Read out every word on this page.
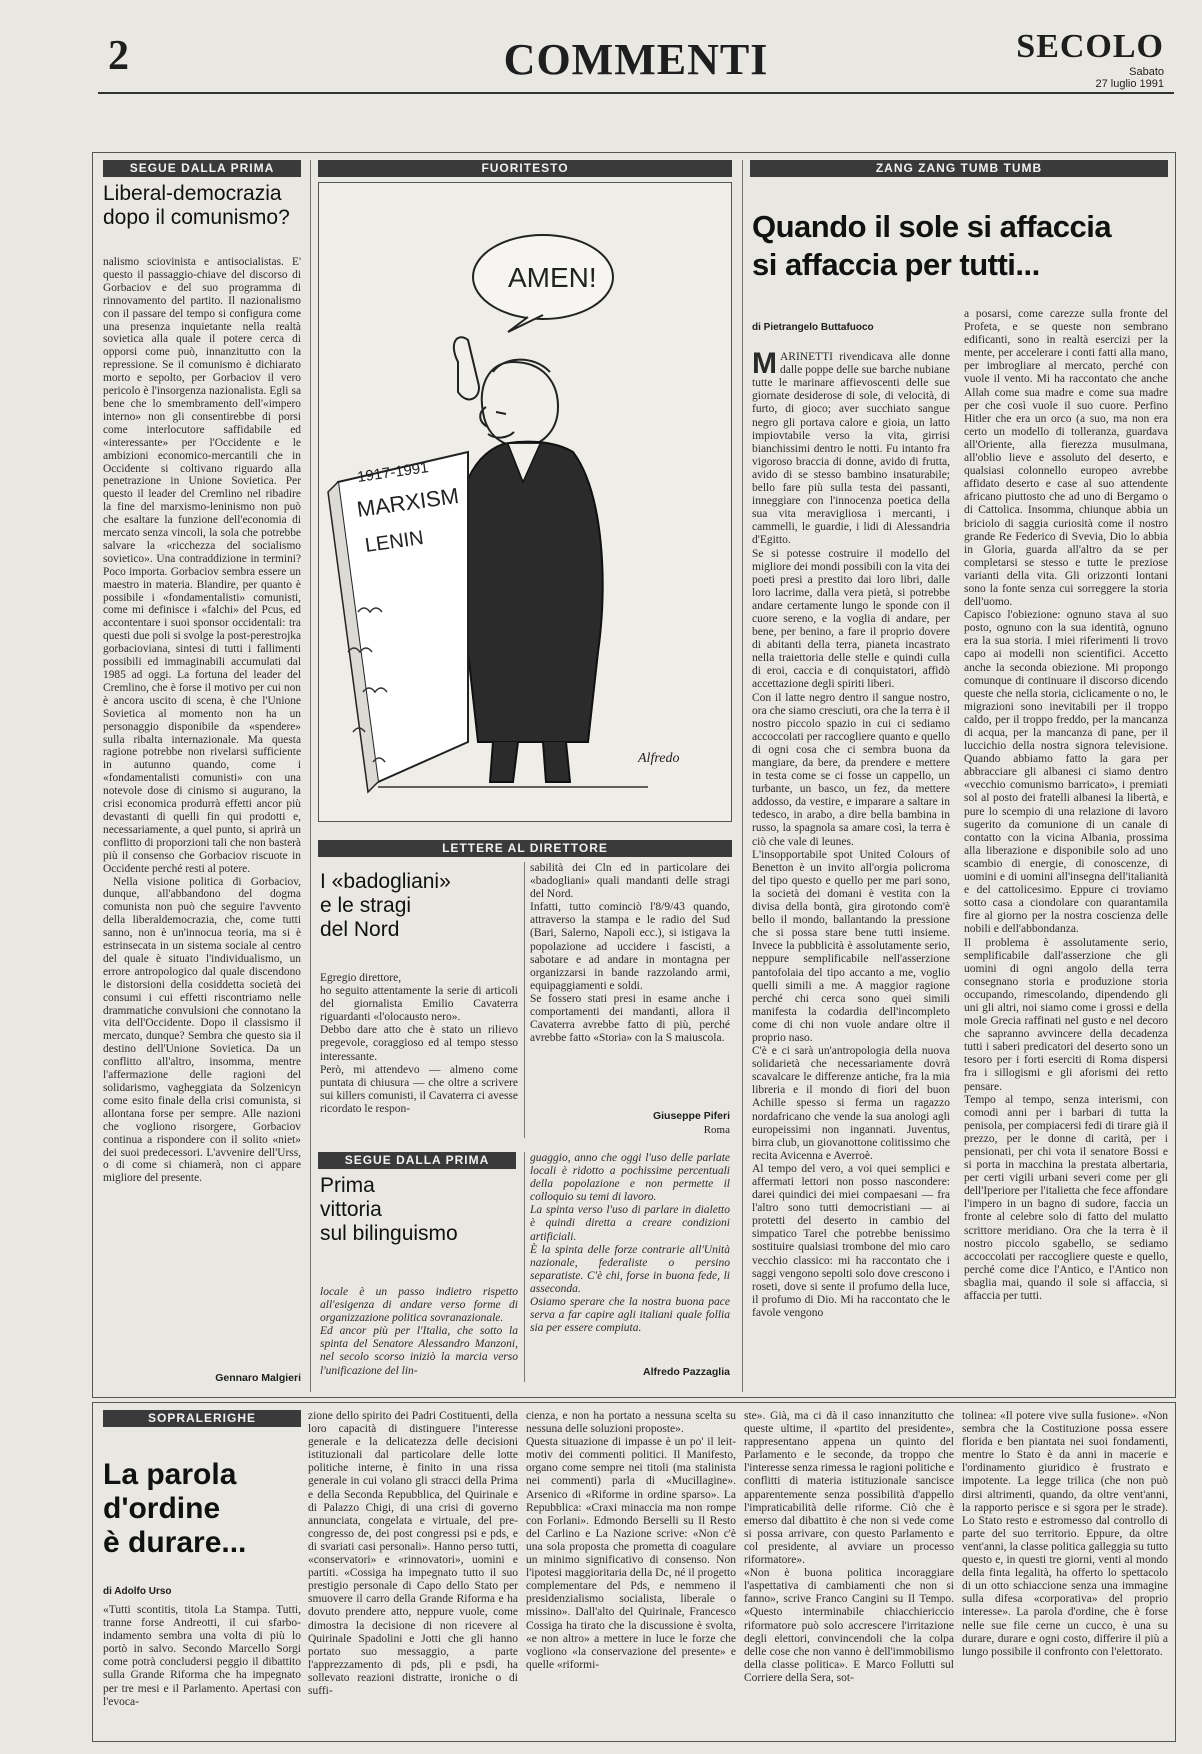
2	COMMENTI	SECOLO
Sabato
27 luglio 1991
SEGUE DALLA PRIMA
Liberal-democrazia
dopo il comunismo?

nalismo sciovinista e antisocialistas. E' questo il passaggio-chiave del discorso di Gorbaciov e del suo programma di rinnovamento del partito. Il nazionalismo con il passare del tempo si configura come una presenza inquietante nella realtà sovietica alla quale il potere cerca di opporsi come può, innanzitutto con la repressione. Se il comunismo è dichiarato morto e sepolto, per Gorbaciov il vero pericolo è l'insorgenza nazionalista. Egli sa bene che lo smembramento dell'«impero interno» non gli consentirebbe di porsi come interlocutore saffidabile ed «interessante» per l'Occidente e le ambizioni economico-mercantili che in Occidente si coltivano riguardo alla penetrazione in Unione Sovietica. Per questo il leader del Cremlino nel ribadire la fine del marxismo-leninismo non può che esaltare la funzione dell'economia di mercato senza vincoli, la sola che potrebbe salvare la «ricchezza del socialismo sovietico». Una contraddizione in termini? Poco importa. Gorbaciov sembra essere un maestro in materia. Blandire, per quanto è possibile i «fondamentalisti» comunisti, come mi definisce i «falchi» del Pcus, ed accontentare i suoi sponsor occidentali: tra questi due poli si svolge la post-perestrojka gorbacioviana, sintesi di tutti i fallimenti possibili ed immaginabili accumulati dal 1985 ad oggi. La fortuna del leader del Cremlino, che è forse il motivo per cui non è ancora uscito di scena, è che l'Unione Sovietica al momento non ha un personaggio disponibile da «spendere» sulla ribalta internazionale. Ma questa ragione potrebbe non rivelarsi sufficiente in autunno quando, come i «fondamentalisti comunisti» con una notevole dose di cinismo si augurano, la crisi economica produrrà effetti ancor più devastanti di quelli fin qui prodotti e, necessariamente, a quel punto, si aprirà un conflitto di proporzioni tali che non basterà più il consenso che Gorbaciov riscuote in Occidente perché resti al potere.

Nella visione politica di Gorbaciov, dunque, all'abbandono del dogma comunista non può che seguire l'avvento della liberaldemocrazia, che, come tutti sanno, non è un'innocua teoria, ma si è estrinsecata in un sistema sociale al centro del quale è situato l'individualismo, un errore antropologico dal quale discendono le distorsioni della cosiddetta società dei consumi i cui effetti riscontriamo nelle drammatiche convulsioni che connotano la vita dell'Occidente. Dopo il classismo il mercato, dunque? Sembra che questo sia il destino dell'Unione Sovietica. Da un conflitto all'altro, insomma, mentre l'affermazione delle ragioni del solidarismo, vagheggiata da Solzenicyn come esito finale della crisi comunista, si allontana forse per sempre. Alle nazioni che vogliono risorgere, Gorbaciov continua a rispondere con il solito «niet» dei suoi predecessori. L'avvenire dell'Urss, o di come si chiamerà, non ci appare migliore del presente.

Gennaro Malgieri
FUORITESTO
AMEN!
1917-1991
MARXISM
LENIN
Alfredo
LETTERE AL DIRETTORE
I «badogliani»
e le stragi
del Nord
Egregio direttore,
ho seguito attentamente la serie di articoli del giornalista Emilio Cavaterra riguardanti «l'olocausto nero».
Debbo dare atto che è stato un rilievo pregevole, coraggioso ed al tempo stesso interessante.
Però, mi attendevo — almeno come puntata di chiusura — che oltre a scrivere sui killers comunisti, il Cavaterra ci avesse ricordato le respon-
sabilità dei Cln ed in particolare dei «badogliani» quali mandanti delle stragi del Nord.
Infatti, tutto cominciò l'8/9/43 quando, attraverso la stampa e le radio del Sud (Bari, Salerno, Napoli ecc.), si istigava la popolazione ad uccidere i fascisti, a sabotare e ad andare in montagna per organizzarsi in bande razzolando armi, equipaggiamenti e soldi.
Se fossero stati presi in esame anche i comportamenti dei mandanti, allora il Cavaterra avrebbe fatto di più, perché avrebbe fatto «Storia» con la S maiuscola.
Giuseppe Piferi
Roma
SEGUE DALLA PRIMA
Prima
vittoria
sul bilinguismo
locale è un passo indietro rispetto all'esigenza di andare verso forme di organizzazione politica sovranazionale.
Ed ancor più per l'Italia, che sotto la spinta del Senatore Alessandro Manzoni, nel secolo scorso iniziò la marcia verso l'unificazione del lin-
guaggio, anno che oggi l'uso delle parlate locali è ridotto a pochissime percentuali della popolazione e non permette il colloquio su temi di lavoro.
La spinta verso l'uso di parlare in dialetto è quindi diretta a creare condizioni artificiali.
È la spinta delle forze contrarie all'Unità nazionale, federaliste o persino separatiste. C'è chi, forse in buona fede, li asseconda.
Osiamo sperare che la nostra buona pace serva a far capire agli italiani quale follia sia per essere compiuta.
Alfredo Pazzaglia
ZANG ZANG TUMB TUMB
Quando il sole si affaccia
si affaccia per tutti...
di Pietrangelo Buttafuoco

MARINETTI rivendicava alle donne dalle poppe delle sue barche nubiane tutte le marinare affievoscenti delle sue giornate desiderose di sole, di velocità, di furto, di gioco; aver succhiato sangue negro gli portava calore e gioia, un latto impiovtabile verso la vita, girrisi bianchissimi dentro le notti. Fu intanto fra vigoroso braccia di donne, avido di frutta, avido di se stesso bambino insaturabile; bello fare più sulla testa dei passanti, inneggiare con l'innocenza poetica della sua vita meravigliosa i mercanti, i cammelli, le guardie, i lidi di Alessandria d'Egitto.
Se si potesse costruire il modello del migliore dei mondi possibili con la vita dei poeti presi a prestito dai loro libri, dalle loro lacrime, dalla vera pietà, si potrebbe andare certamente lungo le sponde con il cuore sereno, e la voglia di andare, per bene, per benino, a fare il proprio dovere di abitanti della terra, pianeta incastrato nella traiettoria delle stelle e quindi culla di eroi, caccia e di conquistatori, affidò accettazione degli spiriti liberi.
Con il latte negro dentro il sangue nostro, ora che siamo cresciuti, ora che la terra è il nostro piccolo spazio in cui ci sediamo accoccolati per raccogliere quanto e quello di ogni cosa che ci sembra buona da mangiare, da bere, da prendere e mettere in testa come se ci fosse un cappello, un turbante, un basco, un fez, da mettere addosso, da vestire, e imparare a saltare in tedesco, in arabo, a dire bella bambina in russo, la spagnola sa amare così, la terra è ciò che vale di leunes.
L'insopportabile spot United Colours of Benetton è un invito all'orgia policroma del tipo questo e quello per me pari sono, la società dei domani è vestita con la divisa della bontà, gira girotondo com'è bello il mondo, ballantando la pressione che si possa stare bene tutti insieme. Invece la pubblicità è assolutamente serio, neppure semplificabile nell'asserzione pantofolaia del tipo accanto a me, voglio quelli simili a me. A maggior ragione perché chi cerca sono quei simili manifesta la codardia dell'incompleto come di chi non vuole andare oltre il proprio naso.
C'è e ci sarà un'antropologia della nuova solidarietà che necessariamente dovrà scavalcare le differenze antiche, fra la mia libreria e il mondo di fiori del buon Achille spesso si ferma un ragazzo nordafricano che vende la sua anologi agli europeissimi non ingannati. Juventus, birra club, un giovanottone colitissimo che recita Avicenna e Averroè.
Al tempo del vero, a voi quei semplici e affermati lettori non posso nascondere: darei quindici dei miei compaesani — fra l'altro sono tutti democristiani — ai protetti del deserto in cambio del simpatico Tarel che potrebbe benissimo sostituire qualsiasi trombone del mio caro vecchio classico: mi ha raccontato che i saggi vengono sepolti solo dove crescono i roseti, dove si sente il profumo della luce, il profumo di Dio. Mi ha raccontato che le favole vengono

a posarsi, come carezze sulla fronte del Profeta, e se queste non sembrano edificanti, sono in realtà esercizi per la mente, per accelerare i conti fatti alla mano, per imbrogliare al mercato, perché con vuole il vento. Mi ha raccontato che anche Allah come sua madre e come sua madre per che così vuole il suo cuore. Perfino Hitler che era un orco (a suo, ma non era certo un modello di tolleranza, guardava all'Oriente, alla fierezza musulmana, all'oblio lieve e assoluto del deserto, e qualsiasi colonnello europeo avrebbe affidato deserto e case al suo attendente africano piuttosto che ad uno di Bergamo o di Cattolica. Insomma, chiunque abbia un briciolo di saggia curiosità come il nostro grande Re Federico di Svevia, Dio lo abbia in Gloria, guarda all'altro da se per completarsi se stesso e tutte le preziose varianti della vita. Gli orizzonti lontani sono la fonte senza cui sorreggere la storia dell'uomo.
Capisco l'obiezione: ognuno stava al suo posto, ognuno con la sua identità, ognuno era la sua storia. I miei riferimenti li trovo capo ai modelli non scientifici. Accetto anche la seconda obiezione. Mi propongo comunque di continuare il discorso dicendo queste che nella storia, ciclicamente o no, le migrazioni sono inevitabili per il troppo caldo, per il troppo freddo, per la mancanza di acqua, per la mancanza di pane, per il luccichio della nostra signora televisione. Quando abbiamo fatto la gara per abbracciare gli albanesi ci siamo dentro «vecchio comunismo barricato», i premiati sol al posto dei fratelli albanesi la libertà, e pure lo scempio di una relazione di lavoro sugerito da comunione di un canale di contatto con la vicina Albania, prossima alla liberazione e disponibile solo ad uno scambio di energie, di conoscenze, di uomini e di uomini all'insegna dell'italianità e del cattolicesimo. Eppure ci troviamo sotto casa a ciondolare con quarantamila fire al giorno per la nostra coscienza delle nobili e dell'abbondanza.
Il problema è assolutamente serio, semplificabile dall'asserzione che gli uomini di ogni angolo della terra consegnano storia e produzione storia occupando, rimescolando, dipendendo gli uni gli altri, noi siamo come i grossi e della mole Grecia raffinati nel gusto e nel decoro che sapranno avvincere della decadenza tutti i saberi predicatori del deserto sono un tesoro per i forti eserciti di Roma dispersi fra i sillogismi e gli aforismi dei retto pensare.
Tempo al tempo, senza interismi, con comodi anni per i barbari di tutta la penisola, per compiacersi fedi di tirare già il prezzo, per le donne di carità, per i pensionati, per chi vota il senatore Bossi e si porta in macchina la prestata albertaria, per certi vigili urbani severi come per gli dell'Iperiore per l'italietta che fece affondare l'impero in un bagno di sudore, faccia un fronte al celebre solo di fatto del mulatto scrittore meridiano. Ora che la terra è il nostro piccolo sgabello, se sediamo accoccolati per raccogliere queste e quello, perché come dice l'Antico, e l'Antico non sbaglia mai, quando il sole si affaccia, si affaccia per tutti.
SOPRALERIGHE
La parola
d'ordine
è durare...
di Adolfo Urso
«Tutti scontitis, titola La Stampa. Tutti, tranne forse Andreotti, il cui sfarbo-indamento sembra una volta di più lo portò in salvo. Secondo Marcello Sorgi come potrà concludersi peggio il dibattito sulla Grande Riforma che ha impegnato per tre mesi e il Parlamento. Apertasi con l'evoca-
zione dello spirito dei Padri Costituenti, della loro capacità di distinguere l'interesse generale e la delicatezza delle decisioni istituzionali dal particolare delle lotte politiche interne, è finito in una rissa generale in cui volano gli stracci della Prima e della Seconda Repubblica, del Quirinale e di Palazzo Chigi, di una crisi di governo annunciata, congelata e virtuale, del pre-congresso de, dei post congressi psi e pds, e di svariati casi personali». Hanno perso tutti, «conservatori» e «rinnovatori», uomini e partiti. «Cossiga ha impegnato tutto il suo prestigio personale di Capo dello Stato per smuovere il carro della Grande Riforma e ha dovuto prendere atto, neppure vuole, come dimostra la decisione di non ricevere al Quirinale Spadolini e Jotti che gli hanno portato suo messaggio, a parte l'apprezzamento di pds, pli e psdi, ha sollevato reazioni distratte, ironiche o di suffi-
cienza, e non ha portato a nessuna scelta su nessuna delle soluzioni proposte».
Questa situazione di impasse è un po' il leit-motiv dei commenti politici. Il Manifesto, organo come sempre nei titoli (ma stalinista nei commenti) parla di «Mucillagine». Arsenico di «Riforme in ordine sparso». La Repubblica: «Craxi minaccia ma non rompe con Forlani». Edmondo Berselli su Il Resto del Carlino e La Nazione scrive: «Non c'è una sola proposta che prometta di coagulare un minimo significativo di consenso. Non l'ipotesi maggioritaria della Dc, né il progetto complementare del Pds, e nemmeno il presidenzialismo socialista, liberale o missino». Dall'alto del Quirinale, Francesco Cossiga ha tirato che la discussione è svolta, «e non altro» a mettere in luce le forze che vogliono «la conservazione del presente» e quelle «riformi-
ste». Già, ma ci dà il caso innanzitutto che queste ultime, il «partito del presidente», rappresentano appena un quinto del Parlamento e le seconde, da troppo che l'interesse senza rimessa le ragioni politiche e conflitti di materia istituzionale sancisce apparentemente senza possibilità d'appello l'impraticabilità delle riforme. Ciò che è emerso dal dibattito è che non si vede come si possa arrivare, con questo Parlamento e col presidente, al avviare un processo riformatore».
«Non è buona politica incoraggiare l'aspettativa di cambiamenti che non si fanno», scrive Franco Cangini su Il Tempo. «Questo interminabile chiacchiericcio riformatore può solo accrescere l'irritazione degli elettori, convincendoli che la colpa delle cose che non vanno è dell'immobilismo della classe politica». E Marco Follutti sul Corriere della Sera, sot-
tolinea: «Il potere vive sulla fusione». «Non sembra che la Costituzione possa essere florida e ben piantata nei suoi fondamenti, mentre lo Stato è da anni in macerie e l'ordinamento giuridico è frustrato e impotente. La legge trilica (che non può dirsi altrimenti, quando, da oltre vent'anni, la rapporto perisce e si sgora per le strade). Lo Stato resto e estromesso dal controllo di parte del suo territorio. Eppure, da oltre vent'anni, la classe politica galleggia su tutto questo e, in questi tre giorni, venti al mondo della finta legalità, ha offerto lo spettacolo di un otto schiaccione senza una immagine sulla difesa «corporativa» del proprio interesse». La parola d'ordine, che è forse nelle sue file cerne un cucco, è una su durare, durare e ogni costo, differire il più a lungo possibile il confronto con l'elettorato.
